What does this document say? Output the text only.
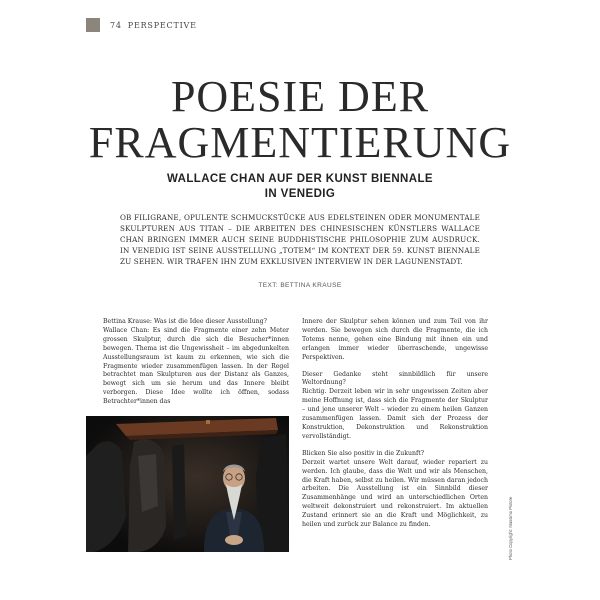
74 PERSPECTIVE
POESIE DER
FRAGMENTIERUNG
WALLACE CHAN AUF DER KUNST BIENNALE
IN VENEDIG

OB FILIGRANE, OPULENTE SCHMUCKSTÜCKE AUS EDELSTEINEN ODER MONUMENTALE SKULPTUREN AUS TITAN – DIE ARBEITEN DES CHINESISCHEN KÜNSTLERS WALLACE CHAN BRINGEN IMMER AUCH SEINE BUDDHISTISCHE PHILOSOPHIE ZUM AUSDRUCK. IN VENEDIG IST SEINE AUSSTELLUNG „TOTEM“ IM KONTEXT DER 59. KUNST BIENNALE ZU SEHEN. WIR TRAFEN IHN ZUM EXKLUSIVEN INTERVIEW IN DER LAGUNENSTADT.

TEXT: BETTINA KRAUSE

Bettina Krause: Was ist die Idee dieser Ausstellung?

Wallace Chan: Es sind die Fragmente einer zehn Meter grossen Skulptur, durch die sich die Besucher*innen bewegen. Thema ist die Ungewissheit – im abgedunkelten Ausstellungsraum ist kaum zu erkennen, wie sich die Fragmente wieder zusammenfügen lassen. In der Regel betrachtet man Skulpturen aus der Distanz als Ganzes, bewegt sich um sie herum und das Innere bleibt verborgen. Diese Idee wollte ich öffnen, sodass Betrachter*innen das

Innere der Skulptur sehen können und zum Teil von ihr werden. Sie bewegen sich durch die Fragmente, die ich Totems nenne, gehen eine Bindung mit ihnen ein und erlangen immer wieder überraschende, ungewisse Perspektiven.

Dieser Gedanke steht sinnbildlich für unsere Weltordnung?

Richtig. Derzeit leben wir in sehr ungewissen Zeiten aber meine Hoffnung ist, dass sich die Fragmente der Skulptur – und jene unserer Welt – wieder zu einem heilen Ganzen zusammenfügen lassen. Damit sich der Prozess der Konstruktion, Dekonstruktion und Rekonstruktion vervollständigt.

Blicken Sie also positiv in die Zukunft?

Derzeit wartet unsere Welt darauf, wieder repariert zu werden. Ich glaube, dass die Welt und wir als Menschen, die Kraft haben, selbst zu heilen. Wir müssen daran jedoch arbeiten. Die Ausstellung ist ein Sinnbild dieser Zusammenhänge und wird an unterschiedlichen Orten weltweit dekonstruiert und rekonstruiert. Im aktuellen Zustand erinnert sie an die Kraft und Möglichkeit, zu heilen und zurück zur Balance zu finden.	Photo Copyright: Massimo Pistore
